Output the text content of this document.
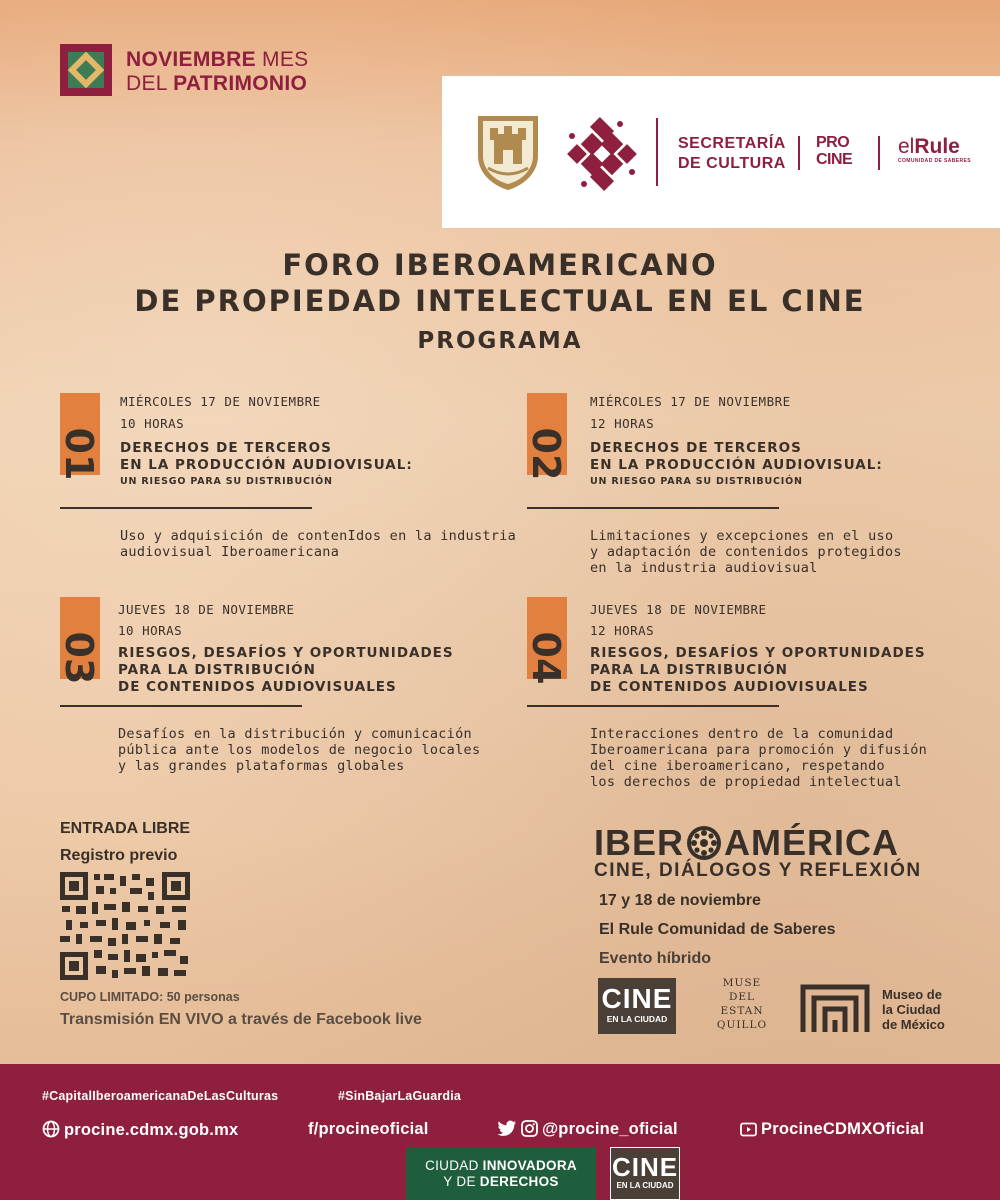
NOVIEMBRE MES
DEL PATRIMONIO
SECRETARÍA
DE CULTURA
PRO
CINE
elRule
COMUNIDAD DE SABERES
FORO IBEROAMERICANO
DE PROPIEDAD INTELECTUAL EN EL CINE
PROGRAMA
01
MIÉRCOLES 17 DE NOVIEMBRE
10 HORAS
DERECHOS DE TERCEROS
EN LA PRODUCCIÓN AUDIOVISUAL:
UN RIESGO PARA SU DISTRIBUCIÓN
Uso y adquisición de contenIdos en la industria
audiovisual Iberoamericana
02
MIÉRCOLES 17 DE NOVIEMBRE
12 HORAS
DERECHOS DE TERCEROS
EN LA PRODUCCIÓN AUDIOVISUAL:
UN RIESGO PARA SU DISTRIBUCIÓN
Limitaciones y excepciones en el uso
y adaptación de contenidos protegidos
en la industria audiovisual
03
JUEVES 18 DE NOVIEMBRE
10 HORAS
RIESGOS, DESAFÍOS Y OPORTUNIDADES
PARA LA DISTRIBUCIÓN
DE CONTENIDOS AUDIOVISUALES
Desafíos en la distribución y comunicación
pública ante los modelos de negocio locales
y las grandes plataformas globales
04
JUEVES 18 DE NOVIEMBRE
12 HORAS
RIESGOS, DESAFÍOS Y OPORTUNIDADES
PARA LA DISTRIBUCIÓN
DE CONTENIDOS AUDIOVISUALES
Interacciones dentro de la comunidad
Iberoamericana para promoción y difusión
del cine iberoamericano, respetando
los derechos de propiedad intelectual
ENTRADA LIBRE
Registro previo
CUPO LIMITADO: 50 personas
Transmisión EN VIVO a través de Facebook live
IBER AMÉRICA
CINE, DIÁLOGOS Y REFLEXIÓN
17 y 18 de noviembre
El Rule Comunidad de Saberes
Evento híbrido
CINE
EN LA CIUDAD
MUSE
DEL
ESTAN
QUILLO
Museo de
la Ciudad
de México
#CapitalIberoamericanaDeLasCulturas	#SinBajarLaGuardia
procine.cdmx.gob.mx	f/procineoficial	@procine_oficial	ProcineCDMXOficial
CIUDAD INNOVADORA
Y DE DERECHOS	CINE
EN LA CIUDAD
